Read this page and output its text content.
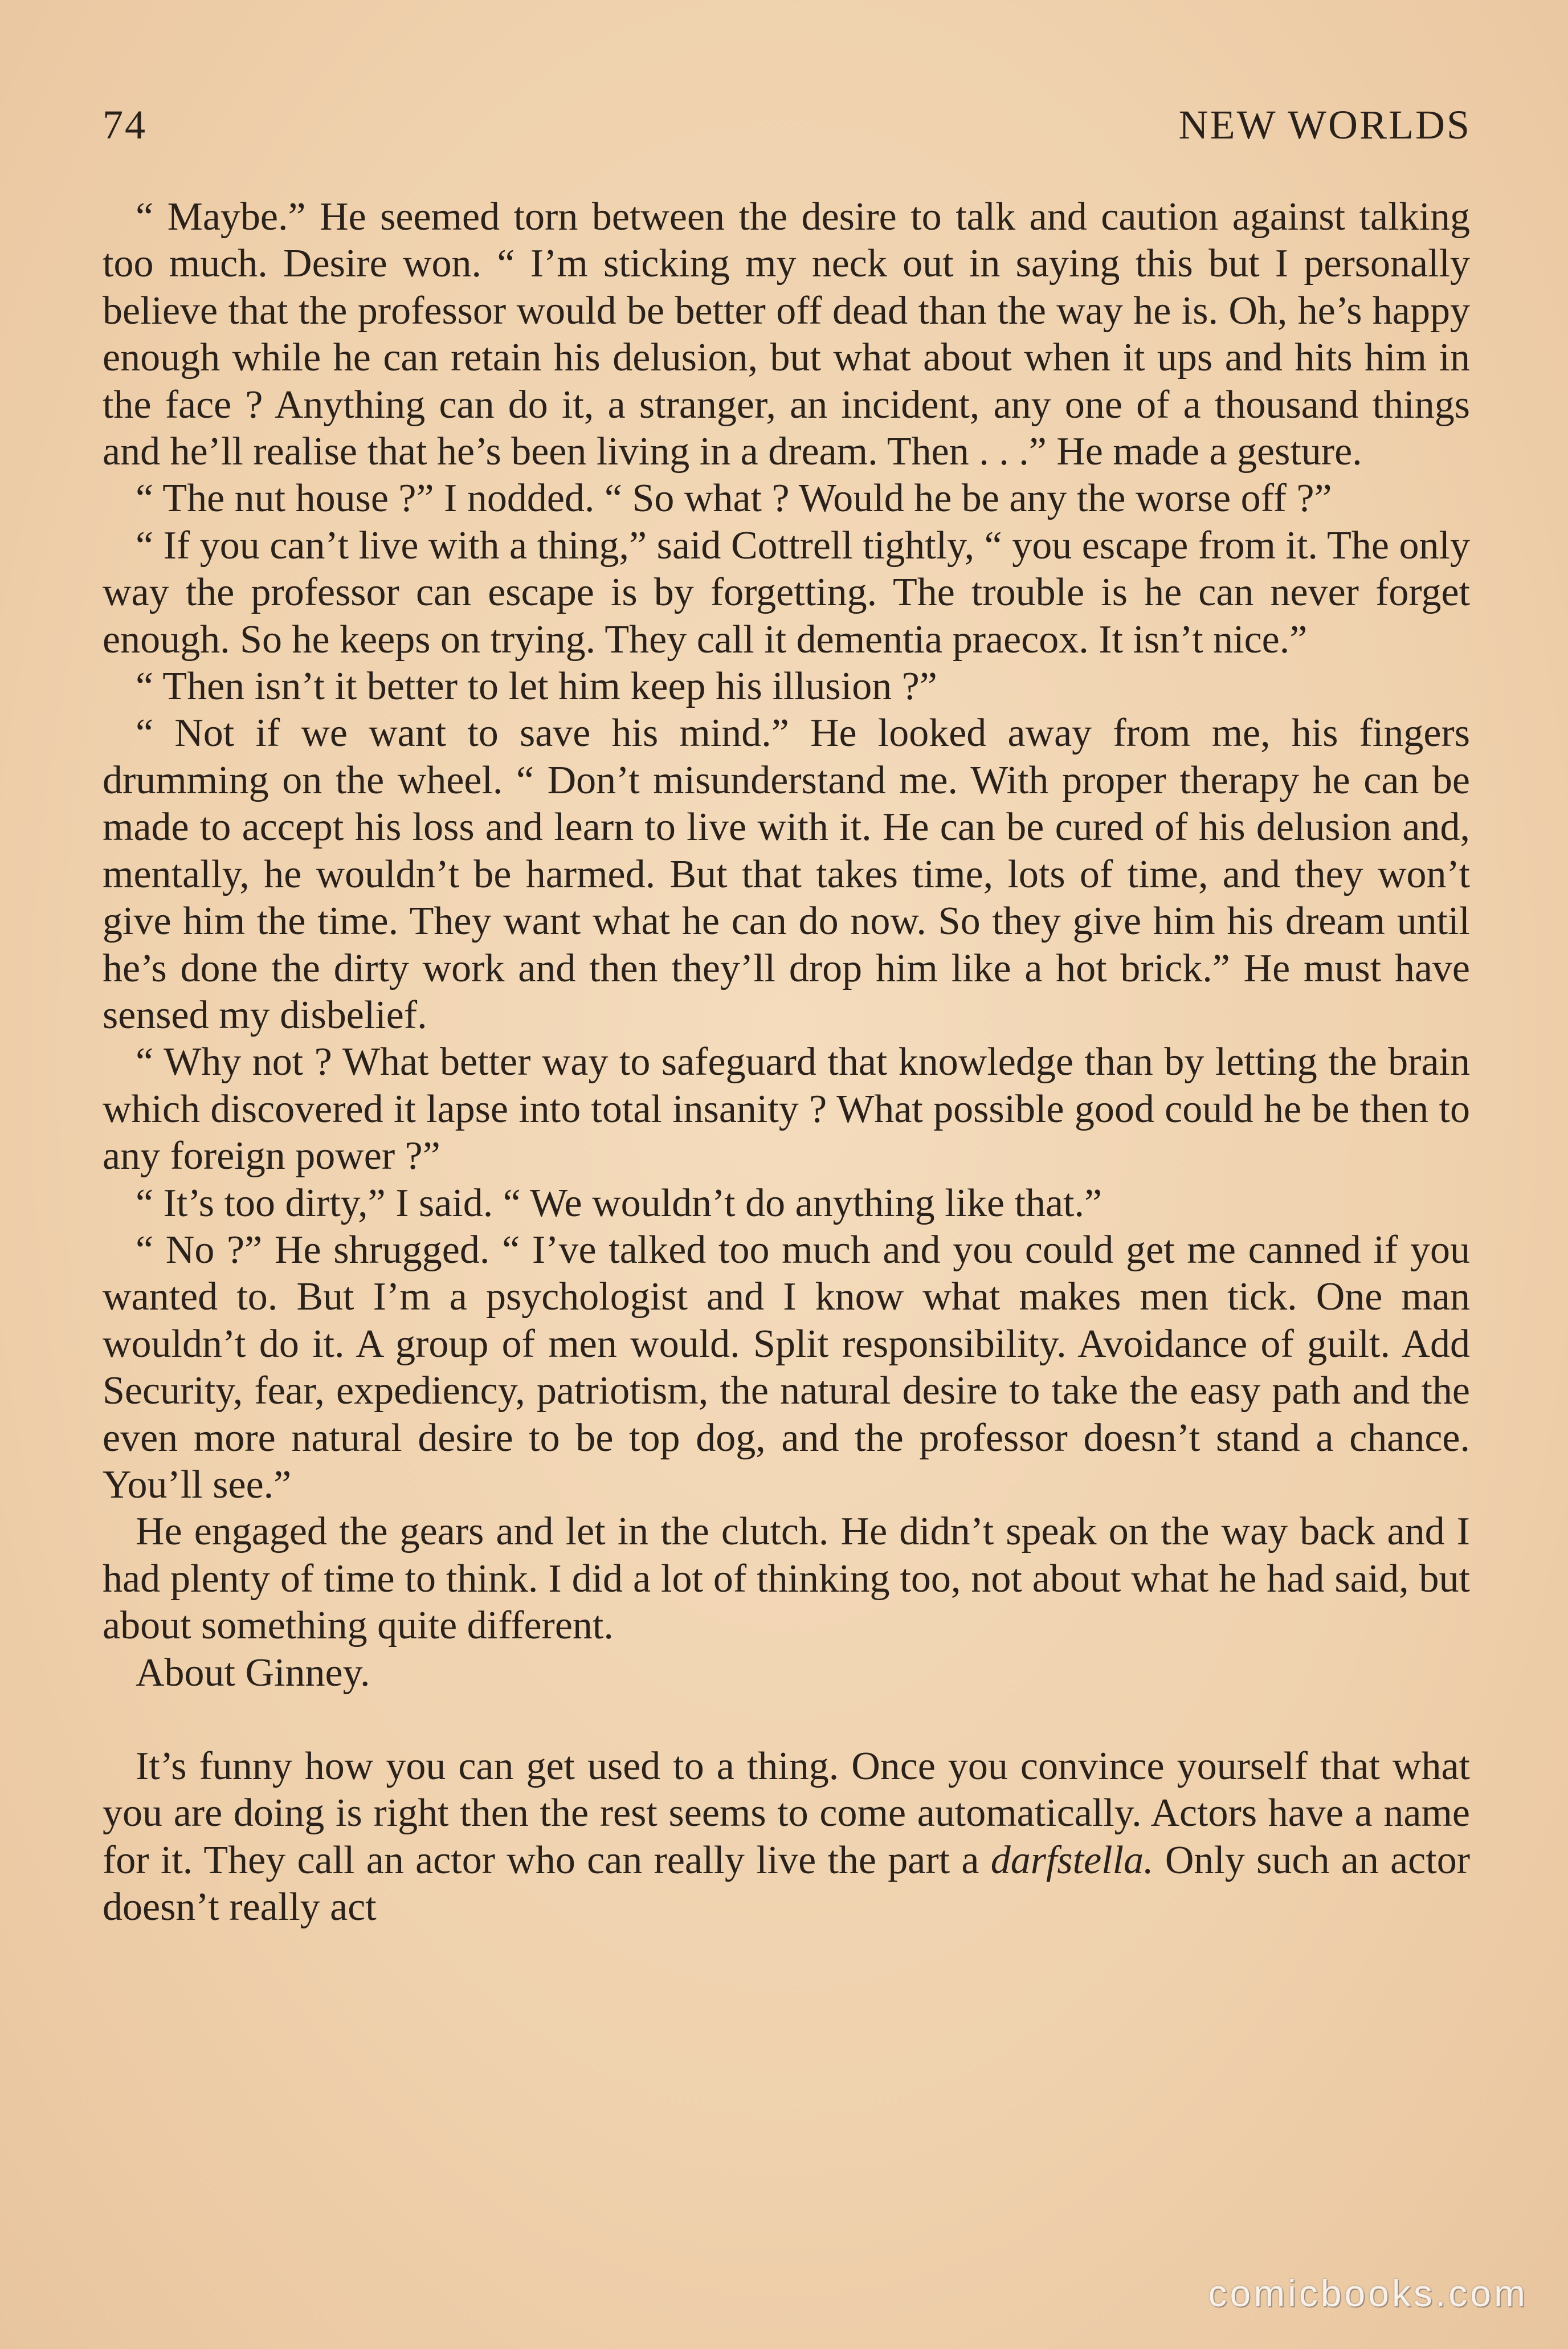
74	NEW WORLDS

“ Maybe.” He seemed torn between the desire to talk and caution against talking too much. Desire won. “ I’m sticking my neck out in saying this but I personally believe that the professor would be better off dead than the way he is. Oh, he’s happy enough while he can retain his delusion, but what about when it ups and hits him in the face ? Anything can do it, a stranger, an incident, any one of a thousand things and he’ll realise that he’s been living in a dream. Then . . .” He made a gesture.

“ The nut house ?” I nodded. “ So what ? Would he be any the worse off ?”

“ If you can’t live with a thing,” said Cottrell tightly, “ you escape from it. The only way the professor can escape is by forgetting. The trouble is he can never forget enough. So he keeps on trying. They call it dementia praecox. It isn’t nice.”

“ Then isn’t it better to let him keep his illusion ?”

“ Not if we want to save his mind.” He looked away from me, his fingers drumming on the wheel. “ Don’t misunderstand me. With proper therapy he can be made to accept his loss and learn to live with it. He can be cured of his delusion and, mentally, he wouldn’t be harmed. But that takes time, lots of time, and they won’t give him the time. They want what he can do now. So they give him his dream until he’s done the dirty work and then they’ll drop him like a hot brick.” He must have sensed my disbelief.

“ Why not ? What better way to safeguard that knowledge than by letting the brain which discovered it lapse into total insanity ? What possible good could he be then to any foreign power ?”

“ It’s too dirty,” I said. “ We wouldn’t do anything like that.”

“ No ?” He shrugged. “ I’ve talked too much and you could get me canned if you wanted to. But I’m a psychologist and I know what makes men tick. One man wouldn’t do it. A group of men would. Split responsibility. Avoidance of guilt. Add Security, fear, expediency, patriotism, the natural desire to take the easy path and the even more natural desire to be top dog, and the professor doesn’t stand a chance. You’ll see.”

He engaged the gears and let in the clutch. He didn’t speak on the way back and I had plenty of time to think. I did a lot of thinking too, not about what he had said, but about something quite different.

About Ginney.

It’s funny how you can get used to a thing. Once you convince yourself that what you are doing is right then the rest seems to come automatically. Actors have a name for it. They call an actor who can really live the part a darfstella. Only such an actor doesn’t really act

comicbooks.com
